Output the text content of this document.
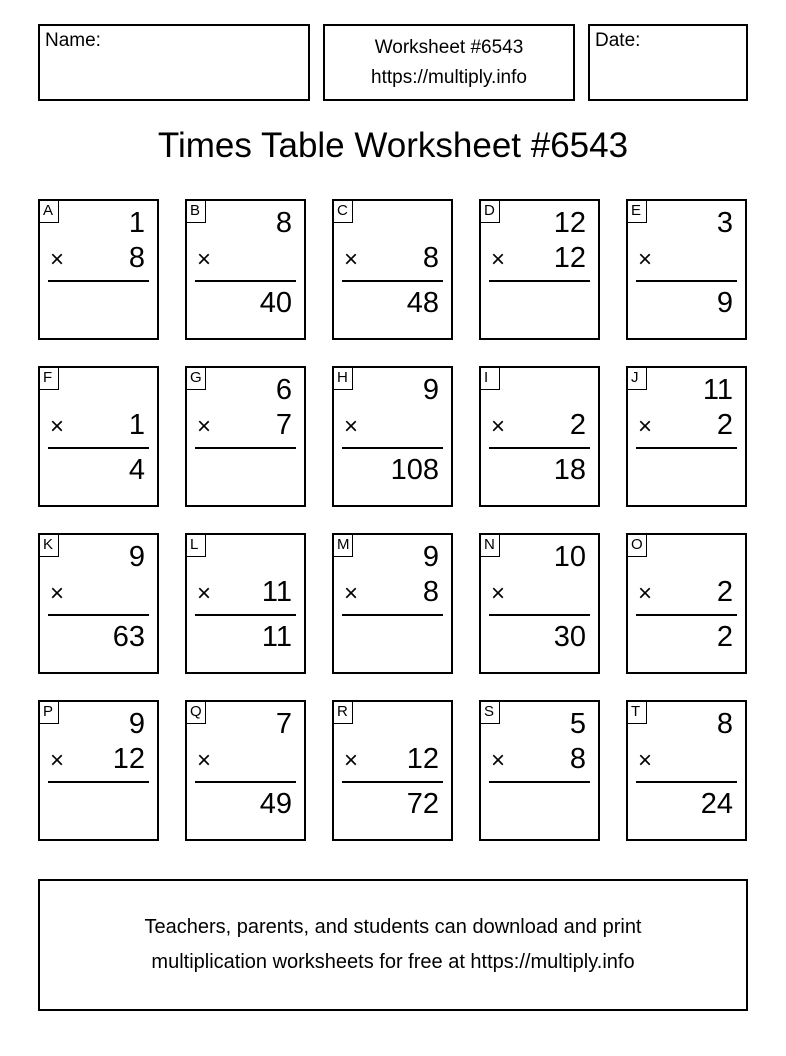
Name:	Worksheet #6543
https://multiply.info
Date:
Times Table Worksheet #6543
A	1
× 8
B	8
×
40
C
× 8
48
D 12
× 12
E	3
×
9
F
× 1
4
G	6
× 7
H	9
×
108
I
× 2
18
J 11
× 2
K	9
×
63
L
× 11
11
M	9
× 8
N 10
×
30
O
× 2
2
P	9
× 12
Q	7
×
49
R
× 12
72
S	5
× 8
T	8
×
24
Teachers, parents, and students can download and print
multiplication worksheets for free at https://multiply.info
